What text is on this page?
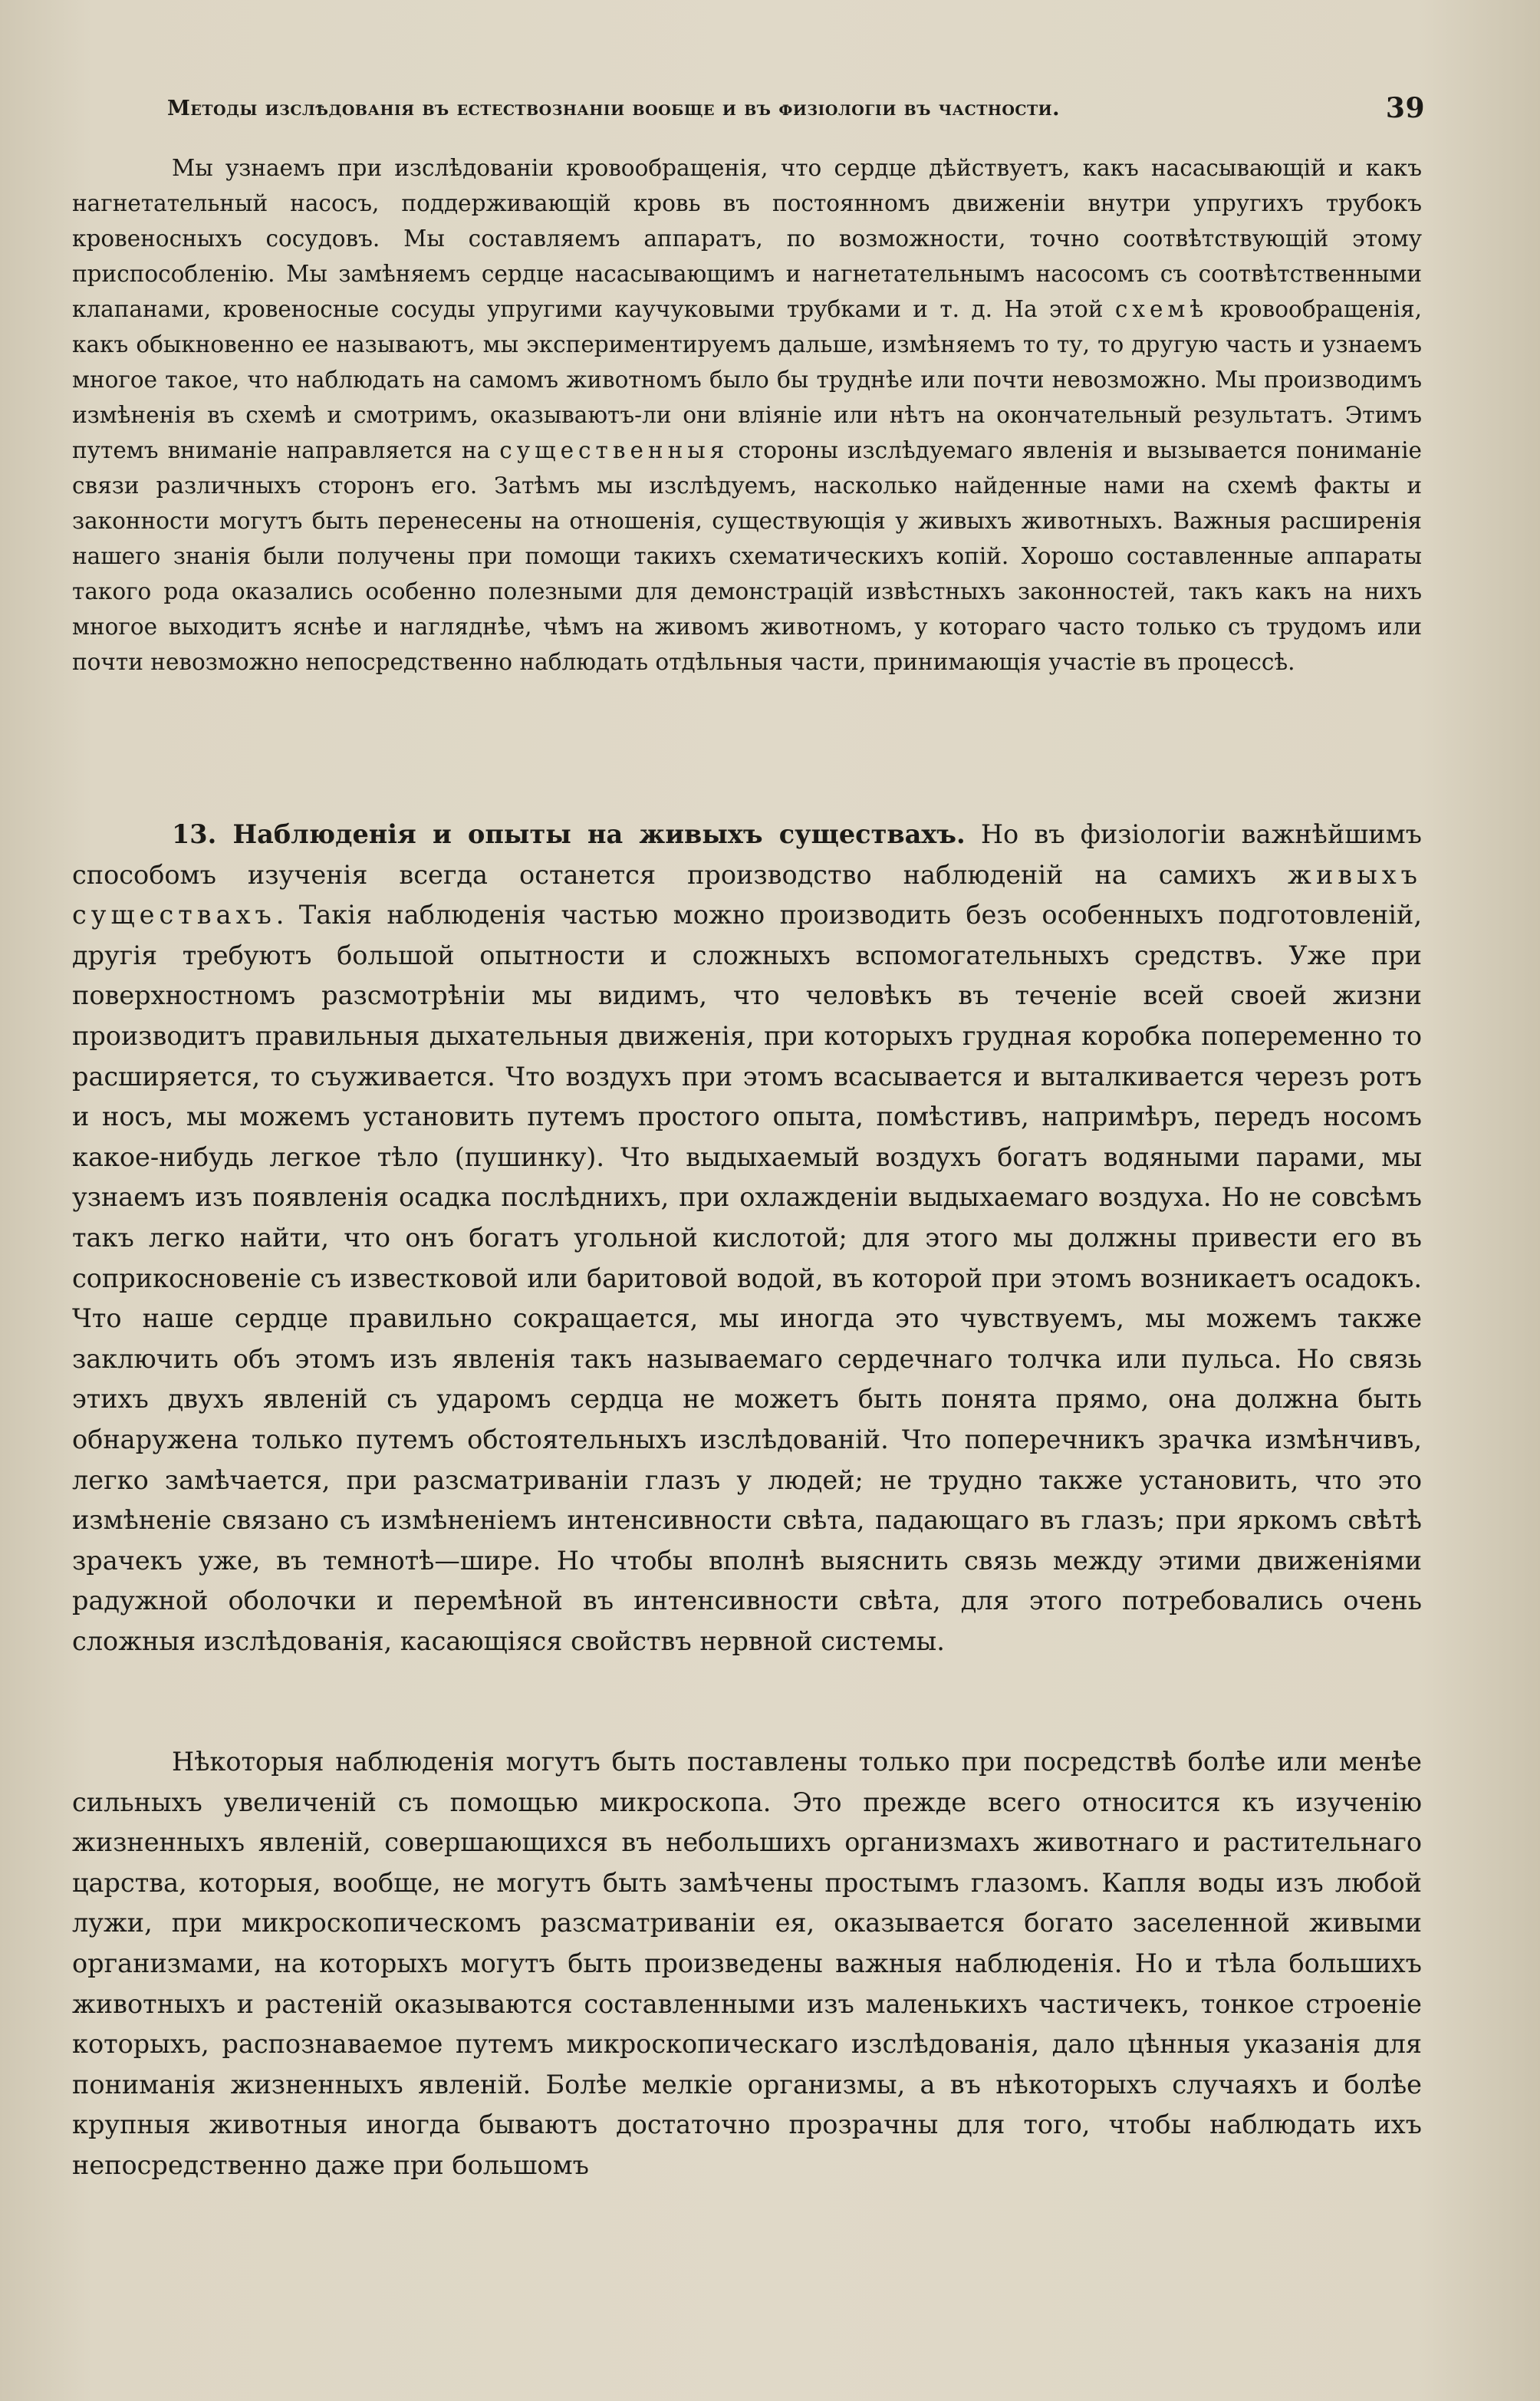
Методы изслѣдованія въ естествознаніи вообще и въ физіологіи въ частности.	39
Мы узнаемъ при изслѣдованіи кровообращенія, что сердце дѣйствуетъ, какъ насасывающій и какъ нагнетательный насосъ, поддерживающій кровь въ постоянномъ движеніи внутри упругихъ трубокъ кровеносныхъ сосудовъ. Мы составляемъ аппаратъ, по возможности, точно соотвѣтствующій этому приспособленію. Мы замѣняемъ сердце насасывающимъ и нагнетательнымъ насосомъ съ соотвѣтственными клапанами, кровеносные сосуды упругими каучуковыми трубками и т. д. На этой схемѣ кровообращенія, какъ обыкновенно ее называютъ, мы экспериментируемъ дальше, измѣняемъ то ту, то другую часть и узнаемъ многое такое, что наблюдать на самомъ животномъ было бы труднѣе или почти невозможно. Мы производимъ измѣненія въ схемѣ и смотримъ, оказываютъ-ли они вліяніе или нѣтъ на окончательный результатъ. Этимъ путемъ вниманіе направляется на существенныя стороны изслѣдуемаго явленія и вызывается пониманіе связи различныхъ сторонъ его. Затѣмъ мы изслѣдуемъ, насколько найденные нами на схемѣ факты и законности могутъ быть перенесены на отношенія, существующія у живыхъ животныхъ. Важныя расширенія нашего знанія были получены при помощи такихъ схематическихъ копій. Хорошо составленные аппараты такого рода оказались особенно полезными для демонстрацій извѣстныхъ законностей, такъ какъ на нихъ многое выходитъ яснѣе и нагляднѣе, чѣмъ на живомъ животномъ, у котораго часто только съ трудомъ или почти невозможно непосредственно наблюдать отдѣльныя части, принимающія участіе въ процессѣ.
13. Наблюденія и опыты на живыхъ существахъ. Но въ физіологіи важнѣйшимъ способомъ изученія всегда останется производство наблюденій на самихъ живыхъ существахъ. Такія наблюденія частью можно производить безъ особенныхъ подготовленій, другія требуютъ большой опытности и сложныхъ вспомогательныхъ средствъ. Уже при поверхностномъ разсмотрѣніи мы видимъ, что человѣкъ въ теченіе всей своей жизни производитъ правильныя дыхательныя движенія, при которыхъ грудная коробка попеременно то расширяется, то съуживается. Что воздухъ при этомъ всасывается и выталкивается черезъ ротъ и носъ, мы можемъ установить путемъ простого опыта, помѣстивъ, напримѣръ, передъ носомъ какое-нибудь легкое тѣло (пушинку). Что выдыхаемый воздухъ богатъ водяными парами, мы узнаемъ изъ появленія осадка послѣднихъ, при охлажденіи выдыхаемаго воздуха. Но не совсѣмъ такъ легко найти, что онъ богатъ угольной кислотой; для этого мы должны привести его въ соприкосновеніе съ известковой или баритовой водой, въ которой при этомъ возникаетъ осадокъ. Что наше сердце правильно сокращается, мы иногда это чувствуемъ, мы можемъ также заключить объ этомъ изъ явленія такъ называемаго сердечнаго толчка или пульса. Но связь этихъ двухъ явленій съ ударомъ сердца не можетъ быть понята прямо, она должна быть обнаружена только путемъ обстоятельныхъ изслѣдованій. Что поперечникъ зрачка измѣнчивъ, легко замѣчается, при разсматриваніи глазъ у людей; не трудно также установить, что это измѣненіе связано съ измѣненіемъ интенсивности свѣта, падающаго въ глазъ; при яркомъ свѣтѣ зрачекъ уже, въ темнотѣ—шире. Но чтобы вполнѣ выяснить связь между этими движеніями радужной оболочки и перемѣной въ интенсивности свѣта, для этого потребовались очень сложныя изслѣдованія, касающіяся свойствъ нервной системы.
Нѣкоторыя наблюденія могутъ быть поставлены только при посредствѣ болѣе или менѣе сильныхъ увеличеній съ помощью микроскопа. Это прежде всего относится къ изученію жизненныхъ явленій, совершающихся въ небольшихъ организмахъ животнаго и растительнаго царства, которыя, вообще, не могутъ быть замѣчены простымъ глазомъ. Капля воды изъ любой лужи, при микроскопическомъ разсматриваніи ея, оказывается богато заселенной живыми организмами, на которыхъ могутъ быть произведены важныя наблюденія. Но и тѣла большихъ животныхъ и растеній оказываются составленными изъ маленькихъ частичекъ, тонкое строеніе которыхъ, распознаваемое путемъ микроскопическаго изслѣдованія, дало цѣнныя указанія для пониманія жизненныхъ явленій. Болѣе мелкіе организмы, а въ нѣкоторыхъ случаяхъ и болѣе крупныя животныя иногда бываютъ достаточно прозрачны для того, чтобы наблюдать ихъ непосредственно даже при большомъ
